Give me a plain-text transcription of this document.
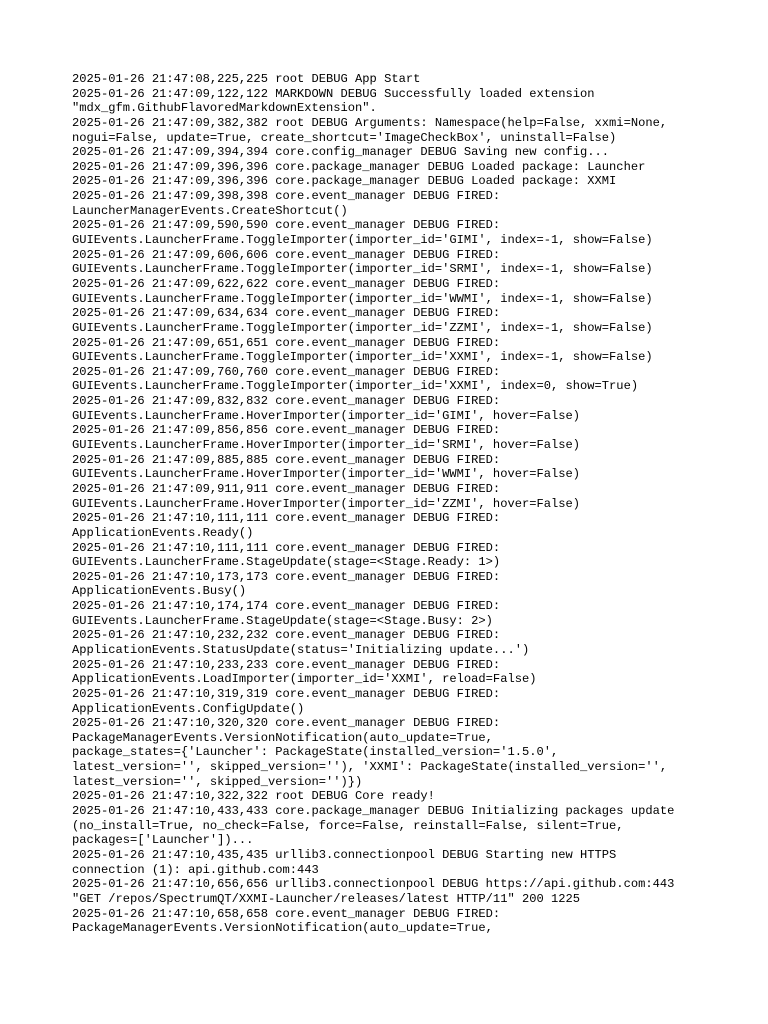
2025-01-26 21:47:08,225,225 root DEBUG App Start
2025-01-26 21:47:09,122,122 MARKDOWN DEBUG Successfully loaded extension
"mdx_gfm.GithubFlavoredMarkdownExtension".
2025-01-26 21:47:09,382,382 root DEBUG Arguments: Namespace(help=False, xxmi=None,
nogui=False, update=True, create_shortcut='ImageCheckBox', uninstall=False)
2025-01-26 21:47:09,394,394 core.config_manager DEBUG Saving new config...
2025-01-26 21:47:09,396,396 core.package_manager DEBUG Loaded package: Launcher
2025-01-26 21:47:09,396,396 core.package_manager DEBUG Loaded package: XXMI
2025-01-26 21:47:09,398,398 core.event_manager DEBUG FIRED:
LauncherManagerEvents.CreateShortcut()
2025-01-26 21:47:09,590,590 core.event_manager DEBUG FIRED:
GUIEvents.LauncherFrame.ToggleImporter(importer_id='GIMI', index=-1, show=False)
2025-01-26 21:47:09,606,606 core.event_manager DEBUG FIRED:
GUIEvents.LauncherFrame.ToggleImporter(importer_id='SRMI', index=-1, show=False)
2025-01-26 21:47:09,622,622 core.event_manager DEBUG FIRED:
GUIEvents.LauncherFrame.ToggleImporter(importer_id='WWMI', index=-1, show=False)
2025-01-26 21:47:09,634,634 core.event_manager DEBUG FIRED:
GUIEvents.LauncherFrame.ToggleImporter(importer_id='ZZMI', index=-1, show=False)
2025-01-26 21:47:09,651,651 core.event_manager DEBUG FIRED:
GUIEvents.LauncherFrame.ToggleImporter(importer_id='XXMI', index=-1, show=False)
2025-01-26 21:47:09,760,760 core.event_manager DEBUG FIRED:
GUIEvents.LauncherFrame.ToggleImporter(importer_id='XXMI', index=0, show=True)
2025-01-26 21:47:09,832,832 core.event_manager DEBUG FIRED:
GUIEvents.LauncherFrame.HoverImporter(importer_id='GIMI', hover=False)
2025-01-26 21:47:09,856,856 core.event_manager DEBUG FIRED:
GUIEvents.LauncherFrame.HoverImporter(importer_id='SRMI', hover=False)
2025-01-26 21:47:09,885,885 core.event_manager DEBUG FIRED:
GUIEvents.LauncherFrame.HoverImporter(importer_id='WWMI', hover=False)
2025-01-26 21:47:09,911,911 core.event_manager DEBUG FIRED:
GUIEvents.LauncherFrame.HoverImporter(importer_id='ZZMI', hover=False)
2025-01-26 21:47:10,111,111 core.event_manager DEBUG FIRED:
ApplicationEvents.Ready()
2025-01-26 21:47:10,111,111 core.event_manager DEBUG FIRED:
GUIEvents.LauncherFrame.StageUpdate(stage=<Stage.Ready: 1>)
2025-01-26 21:47:10,173,173 core.event_manager DEBUG FIRED:
ApplicationEvents.Busy()
2025-01-26 21:47:10,174,174 core.event_manager DEBUG FIRED:
GUIEvents.LauncherFrame.StageUpdate(stage=<Stage.Busy: 2>)
2025-01-26 21:47:10,232,232 core.event_manager DEBUG FIRED:
ApplicationEvents.StatusUpdate(status='Initializing update...')
2025-01-26 21:47:10,233,233 core.event_manager DEBUG FIRED:
ApplicationEvents.LoadImporter(importer_id='XXMI', reload=False)
2025-01-26 21:47:10,319,319 core.event_manager DEBUG FIRED:
ApplicationEvents.ConfigUpdate()
2025-01-26 21:47:10,320,320 core.event_manager DEBUG FIRED:
PackageManagerEvents.VersionNotification(auto_update=True,
package_states={'Launcher': PackageState(installed_version='1.5.0',
latest_version='', skipped_version=''), 'XXMI': PackageState(installed_version='',
latest_version='', skipped_version='')})
2025-01-26 21:47:10,322,322 root DEBUG Core ready!
2025-01-26 21:47:10,433,433 core.package_manager DEBUG Initializing packages update
(no_install=True, no_check=False, force=False, reinstall=False, silent=True,
packages=['Launcher'])...
2025-01-26 21:47:10,435,435 urllib3.connectionpool DEBUG Starting new HTTPS
connection (1): api.github.com:443
2025-01-26 21:47:10,656,656 urllib3.connectionpool DEBUG https://api.github.com:443
"GET /repos/SpectrumQT/XXMI-Launcher/releases/latest HTTP/11" 200 1225
2025-01-26 21:47:10,658,658 core.event_manager DEBUG FIRED:
PackageManagerEvents.VersionNotification(auto_update=True,
